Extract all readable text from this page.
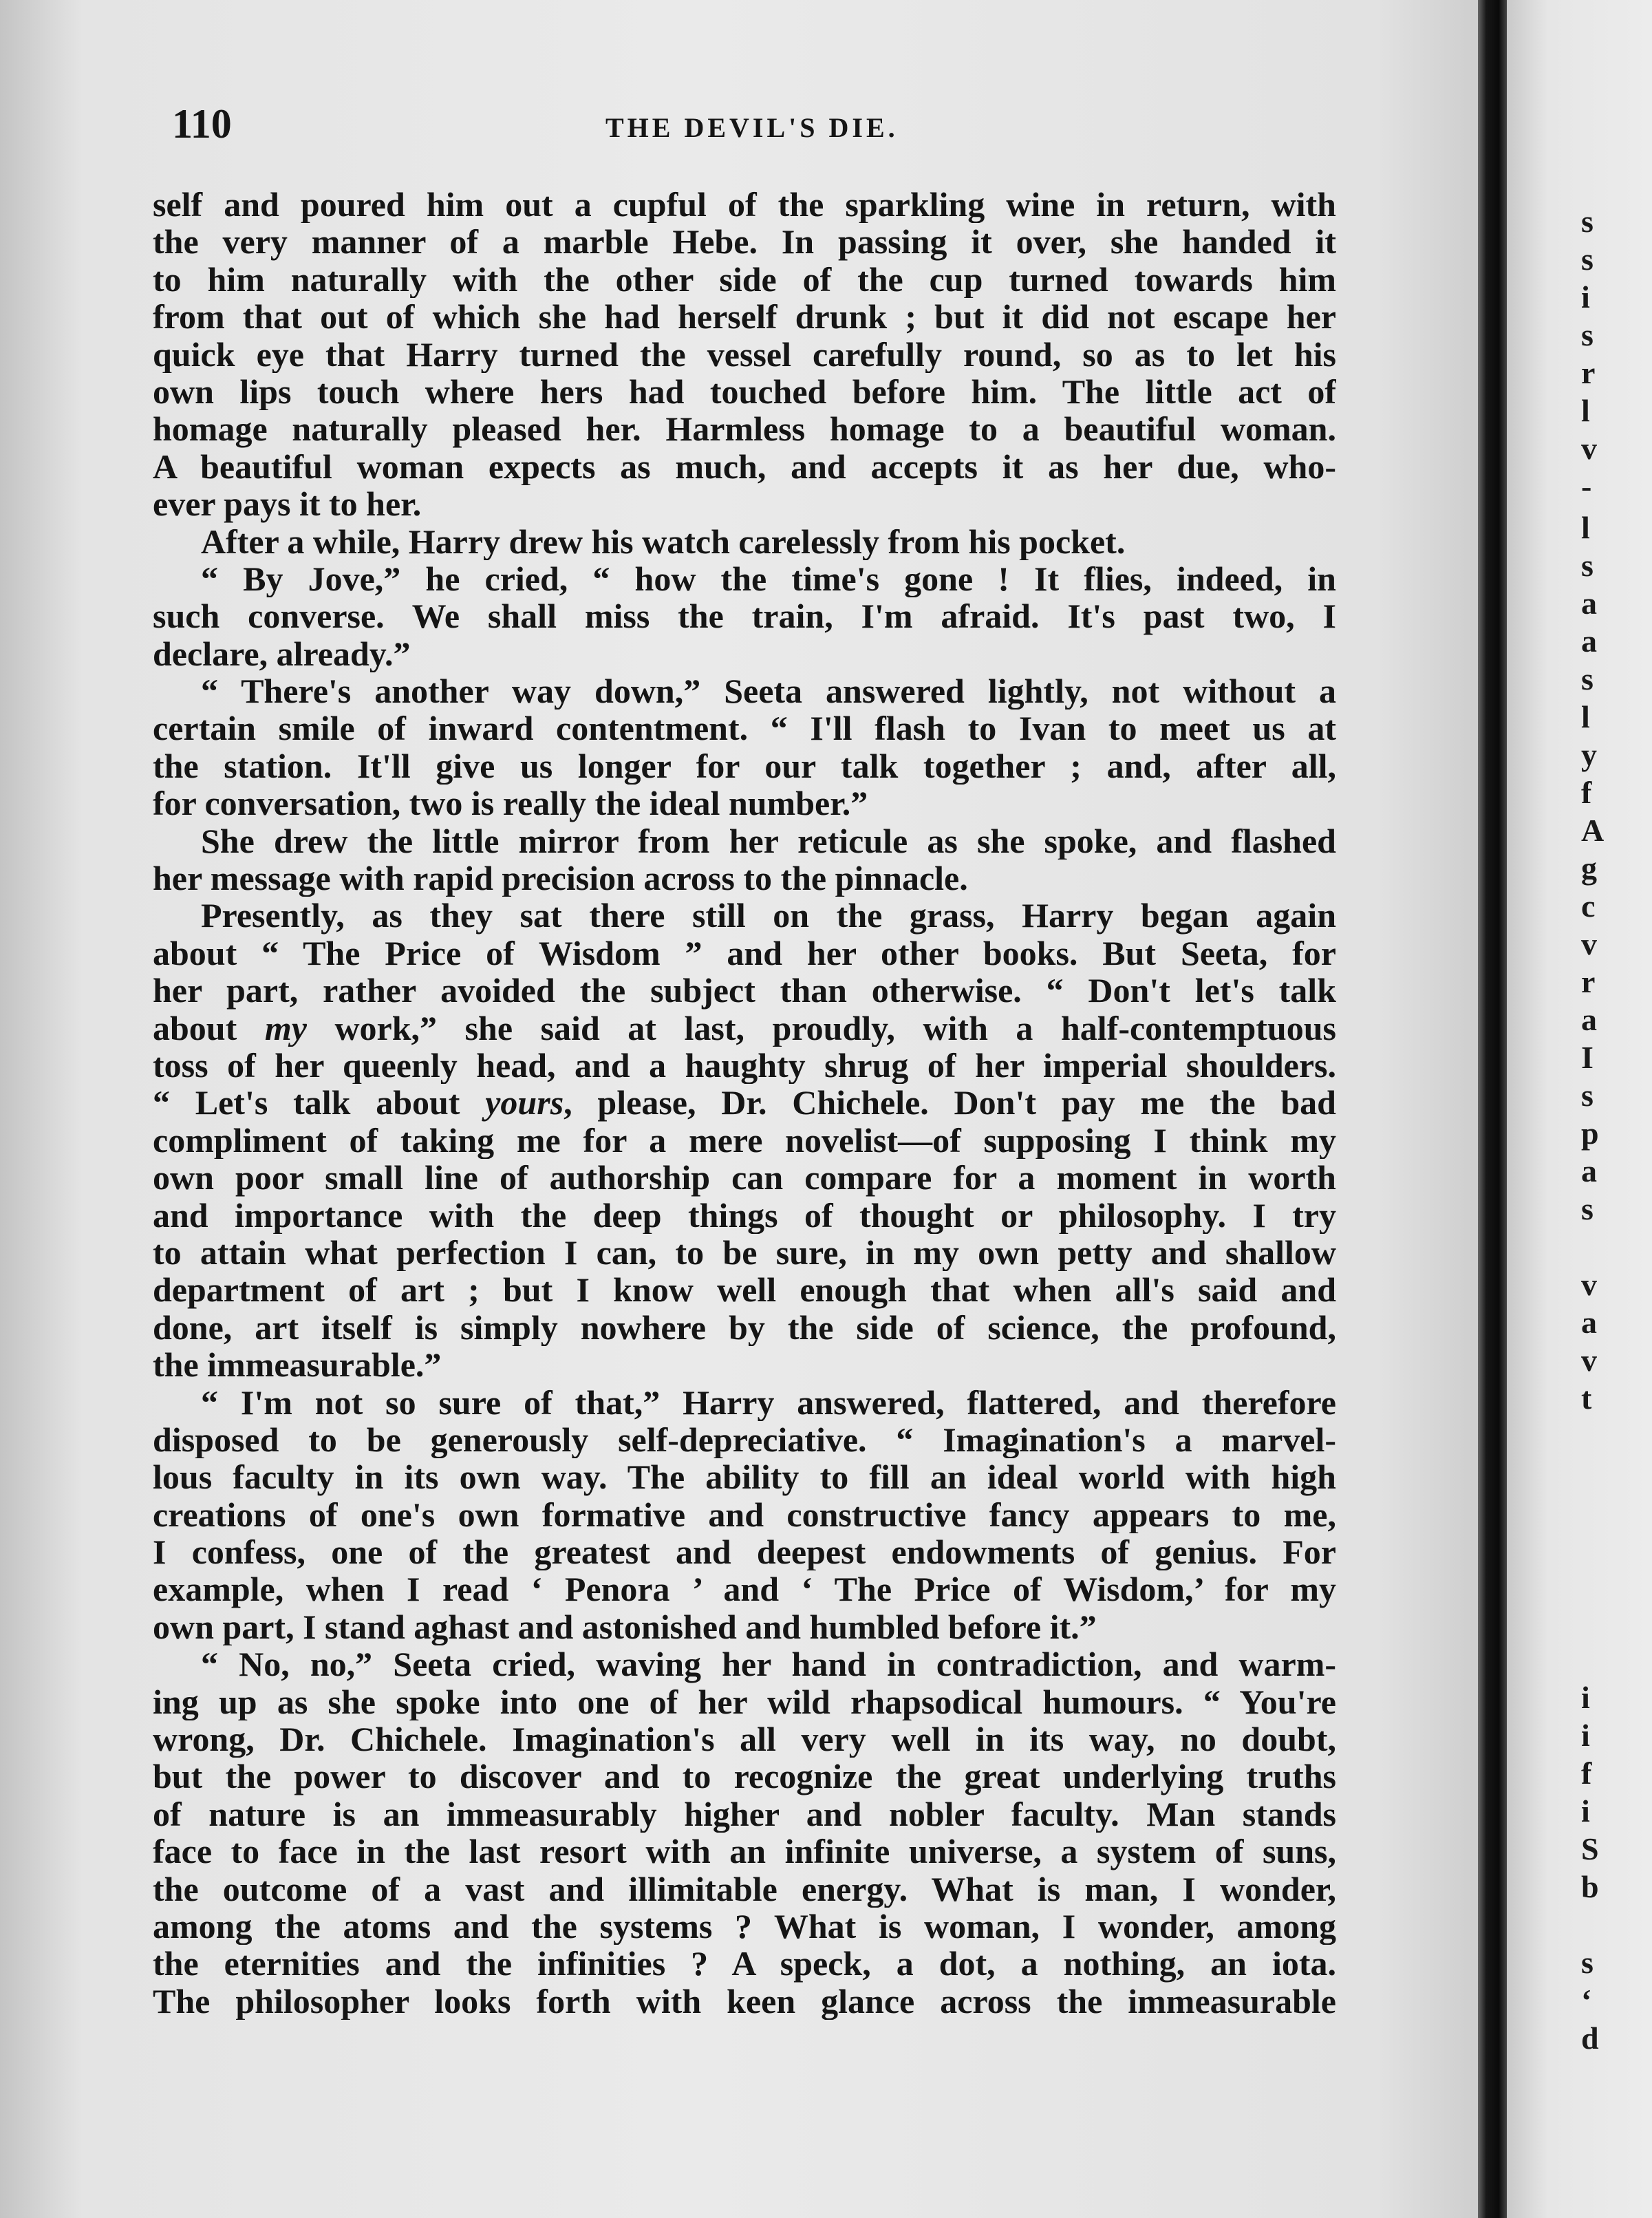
110	THE DEVIL'S DIE.
self and poured him out a cupful of the sparkling wine in return, with
the very manner of a marble Hebe. In passing it over, she handed it
to him naturally with the other side of the cup turned towards him
from that out of which she had herself drunk ; but it did not escape her
quick eye that Harry turned the vessel carefully round, so as to let his
own lips touch where hers had touched before him. The little act of
homage naturally pleased her. Harmless homage to a beautiful woman.
A beautiful woman expects as much, and accepts it as her due, who-
ever pays it to her.
After a while, Harry drew his watch carelessly from his pocket.
“ By Jove,” he cried, “ how the time's gone ! It flies, indeed, in
such converse. We shall miss the train, I'm afraid. It's past two, I
declare, already.”
“ There's another way down,” Seeta answered lightly, not without a
certain smile of inward contentment. “ I'll flash to Ivan to meet us at
the station. It'll give us longer for our talk together ; and, after all,
for conversation, two is really the ideal number.”
She drew the little mirror from her reticule as she spoke, and flashed
her message with rapid precision across to the pinnacle.
Presently, as they sat there still on the grass, Harry began again
about “ The Price of Wisdom ” and her other books. But Seeta, for
her part, rather avoided the subject than otherwise. “ Don't let's talk
about my work,” she said at last, proudly, with a half-contemptuous
toss of her queenly head, and a haughty shrug of her imperial shoulders.
“ Let's talk about yours, please, Dr. Chichele. Don't pay me the bad
compliment of taking me for a mere novelist—of supposing I think my
own poor small line of authorship can compare for a moment in worth
and importance with the deep things of thought or philosophy. I try
to attain what perfection I can, to be sure, in my own petty and shallow
department of art ; but I know well enough that when all's said and
done, art itself is simply nowhere by the side of science, the profound,
the immeasurable.”
“ I'm not so sure of that,” Harry answered, flattered, and therefore
disposed to be generously self-depreciative. “ Imagination's a marvel-
lous faculty in its own way. The ability to fill an ideal world with high
creations of one's own formative and constructive fancy appears to me,
I confess, one of the greatest and deepest endowments of genius. For
example, when I read ‘ Penora ’ and ‘ The Price of Wisdom,’ for my
own part, I stand aghast and astonished and humbled before it.”
“ No, no,” Seeta cried, waving her hand in contradiction, and warm-
ing up as she spoke into one of her wild rhapsodical humours. “ You're
wrong, Dr. Chichele. Imagination's all very well in its way, no doubt,
but the power to discover and to recognize the great underlying truths
of nature is an immeasurably higher and nobler faculty. Man stands
face to face in the last resort with an infinite universe, a system of suns,
the outcome of a vast and illimitable energy. What is man, I wonder,
among the atoms and the systems ? What is woman, I wonder, among
the eternities and the infinities ? A speck, a dot, a nothing, an iota.
The philosopher looks forth with keen glance across the immeasurable
s
s
i
s
r
l
v
-
l
s
a
a
s
l
y
f
A
g
c
v
r
a
I
s
p
a
s
v
a
v
t
i
i
f
i
S
b
s
‘
d
